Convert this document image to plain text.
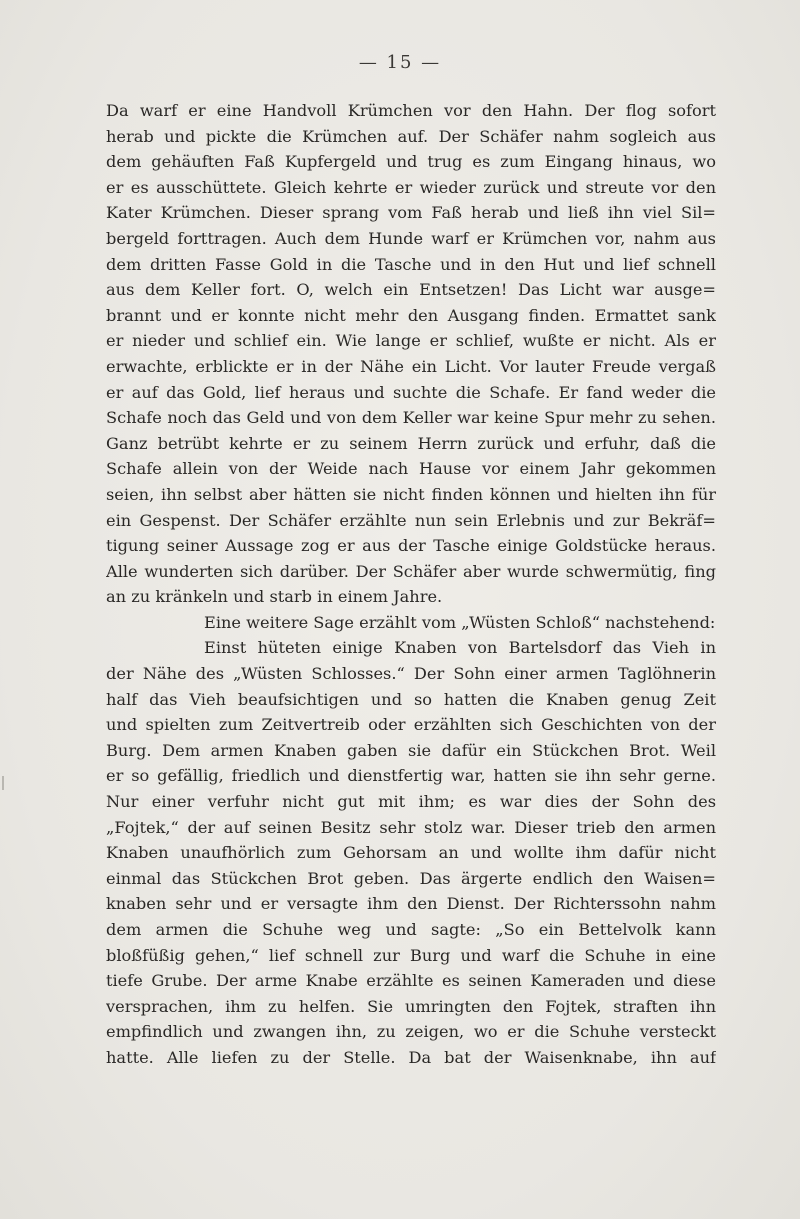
— 15 —
Da warf er eine Handvoll Krümchen vor den Hahn. Der flog sofort
herab und pickte die Krümchen auf. Der Schäfer nahm sogleich aus
dem gehäuften Faß Kupfergeld und trug es zum Eingang hinaus, wo
er es ausschüttete. Gleich kehrte er wieder zurück und streute vor den
Kater Krümchen. Dieser sprang vom Faß herab und ließ ihn viel Sil=
bergeld forttragen. Auch dem Hunde warf er Krümchen vor, nahm aus
dem dritten Fasse Gold in die Tasche und in den Hut und lief schnell
aus dem Keller fort. O, welch ein Entsetzen! Das Licht war ausge=
brannt und er konnte nicht mehr den Ausgang finden. Ermattet sank
er nieder und schlief ein. Wie lange er schlief, wußte er nicht. Als er
erwachte, erblickte er in der Nähe ein Licht. Vor lauter Freude vergaß
er auf das Gold, lief heraus und suchte die Schafe. Er fand weder die
Schafe noch das Geld und von dem Keller war keine Spur mehr zu sehen.
Ganz betrübt kehrte er zu seinem Herrn zurück und erfuhr, daß die
Schafe allein von der Weide nach Hause vor einem Jahr gekommen
seien, ihn selbst aber hätten sie nicht finden können und hielten ihn für
ein Gespenst. Der Schäfer erzählte nun sein Erlebnis und zur Bekräf=
tigung seiner Aussage zog er aus der Tasche einige Goldstücke heraus.
Alle wunderten sich darüber. Der Schäfer aber wurde schwermütig, fing
an zu kränkeln und starb in einem Jahre.
Eine weitere Sage erzählt vom „Wüsten Schloß“ nachstehend:
Einst hüteten einige Knaben von Bartelsdorf das Vieh in
der Nähe des „Wüsten Schlosses.“ Der Sohn einer armen Taglöhnerin
half das Vieh beaufsichtigen und so hatten die Knaben genug Zeit
und spielten zum Zeitvertreib oder erzählten sich Geschichten von der
Burg. Dem armen Knaben gaben sie dafür ein Stückchen Brot. Weil
er so gefällig, friedlich und dienstfertig war, hatten sie ihn sehr gerne.
Nur einer verfuhr nicht gut mit ihm; es war dies der Sohn des
„Fojtek,“ der auf seinen Besitz sehr stolz war. Dieser trieb den armen
Knaben unaufhörlich zum Gehorsam an und wollte ihm dafür nicht
einmal das Stückchen Brot geben. Das ärgerte endlich den Waisen=
knaben sehr und er versagte ihm den Dienst. Der Richterssohn nahm
dem armen die Schuhe weg und sagte: „So ein Bettelvolk kann
bloßfüßig gehen,“ lief schnell zur Burg und warf die Schuhe in eine
tiefe Grube. Der arme Knabe erzählte es seinen Kameraden und diese
versprachen, ihm zu helfen. Sie umringten den Fojtek, straften ihn
empfindlich und zwangen ihn, zu zeigen, wo er die Schuhe versteckt
hatte. Alle liefen zu der Stelle. Da bat der Waisenknabe, ihn auf
